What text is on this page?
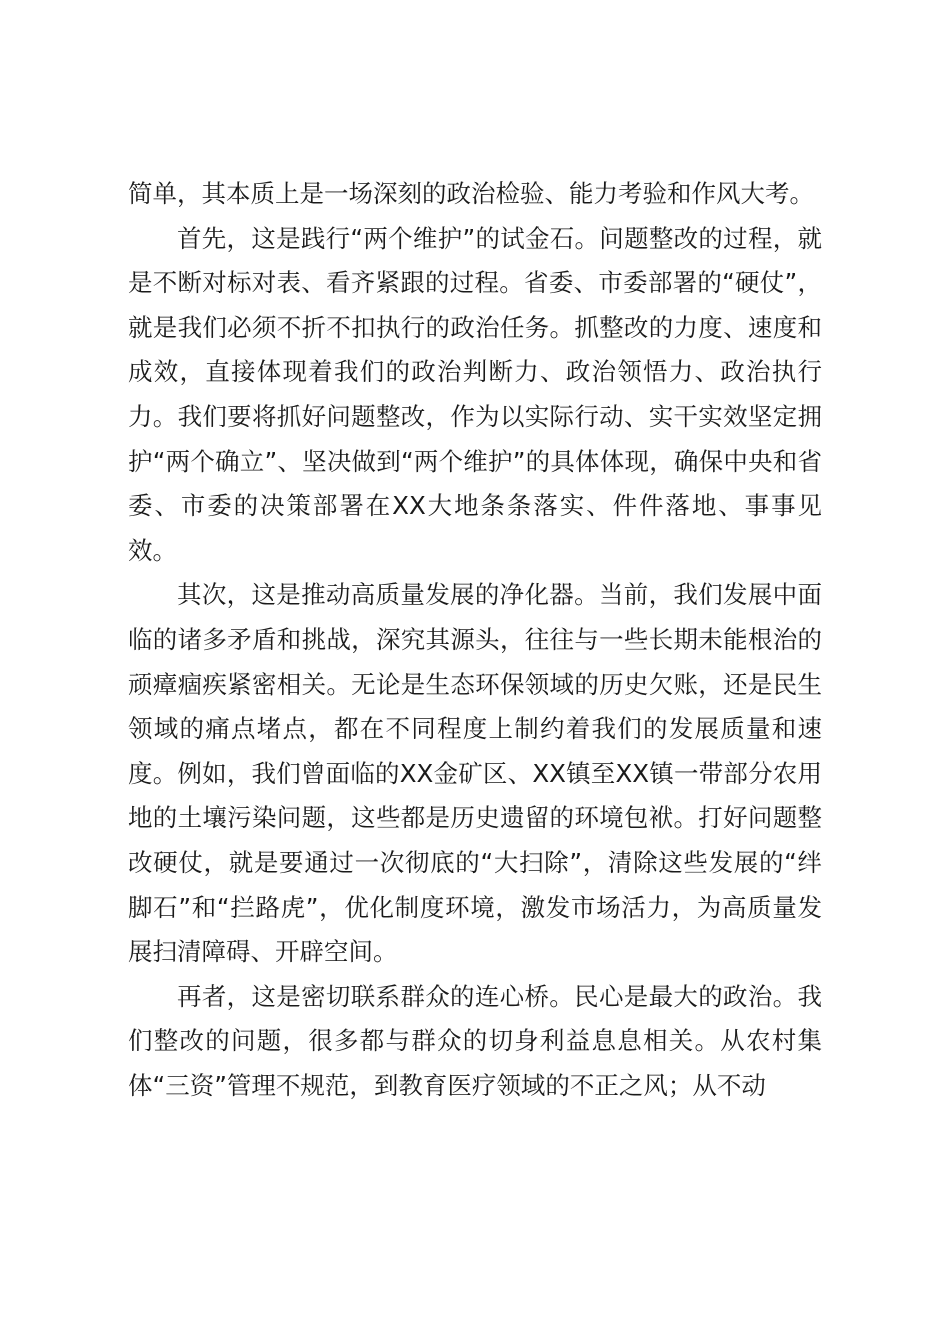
简单，其本质上是一场深刻的政治检验、能力考验和作风大考。

首先，这是践行“两个维护”的试金石。问题整改的过程，就是不断对标对表、看齐紧跟的过程。省委、市委部署的“硬仗”，就是我们必须不折不扣执行的政治任务。抓整改的力度、速度和成效，直接体现着我们的政治判断力、政治领悟力、政治执行力。我们要将抓好问题整改，作为以实际行动、实干实效坚定拥护“两个确立”、坚决做到“两个维护”的具体体现，确保中央和省委、市委的决策部署在XX大地条条落实、件件落地、事事见效。

其次，这是推动高质量发展的净化器。当前，我们发展中面临的诸多矛盾和挑战，深究其源头，往往与一些长期未能根治的顽瘴痼疾紧密相关。无论是生态环保领域的历史欠账，还是民生领域的痛点堵点，都在不同程度上制约着我们的发展质量和速度。例如，我们曾面临的XX金矿区、XX镇至XX镇一带部分农用地的土壤污染问题，这些都是历史遗留的环境包袱。打好问题整改硬仗，就是要通过一次彻底的“大扫除”，清除这些发展的“绊脚石”和“拦路虎”，优化制度环境，激发市场活力，为高质量发展扫清障碍、开辟空间。

再者，这是密切联系群众的连心桥。民心是最大的政治。我们整改的问题，很多都与群众的切身利益息息相关。从农村集体“三资”管理不规范，到教育医疗领域的不正之风；从不动
